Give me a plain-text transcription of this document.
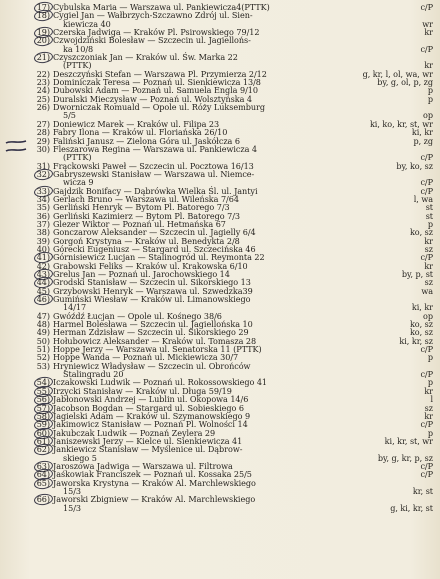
17) Cybulska Maria — Warszawa ul. Pankiewicza4(PTTK)	c/P
18) Cygiel Jan — Wałbrzych-Szczawno Zdrój ul. Sien-
kiewicza 40	wr
19) Czerska Jadwiga — Kraków Pl. Psirowskiego 79/12	kr
20) Czwojdziński Bolesław — Szczecin ul. Jagiellońs-
ka 10/8	c/P
21) Czyszczoniak Jan — Kraków ul. Św. Marka 22
(PTTK)	kr
22) Deszczyński Stefan — Warszawa Pl. Przymierza 2/12	g, kr, l, ol, wa, wr
23) Dominiczak Teresa — Poznań ul. Sienkiewicza 13/8	by, g, ol, p, zg
24) Dubowski Adam — Poznań ul. Samuela Engla 9/10	p
25) Duralski Mieczysław — Poznań ul. Wolsztyńska 4	p
26) Dworniczak Romuald — Opole ul. Róży Luksemburg
5/5	op
27) Doniewicz Marek — Kraków ul. Filipa 23	ki, ko, kr, st, wr
28) Fabry Ilona — Kraków ul. Floriańska 26/10	ki, kr
29) Faliński Janusz — Zielona Góra ul. Jaskółcza 6	p, zg
30) Fleszarowa Regina — Warszawa ul. Pankiewicza 4
(PTTK)	c/P
31) Frąckowski Paweł — Szczecin ul. Pocztowa 16/13	by, ko, sz
32) Gabryszewski Stanisław — Warszawa ul. Niemce-
wicza 9	c/P
33) Gajdzik Bonifacy — Dąbrówka Wielka Śl. ul. Jantyi	c/P
34) Gerlach Bruno — Warszawa ul. Wileńska 7/64	l, wa
35) Gerliński Henryk — Bytom Pl. Batorego 7/3	st
36) Gerliński Kazimierz — Bytom Pl. Batorego 7/3	st
37) Glezer Wiktor — Poznań ul. Hetmańska 67	p
38) Gonczarow Aleksander — Szczecin ul. Jagielly 6/4	ko, sz
39) Gorgoń Krystyna — Kraków ul. Benedykta 2/8	kr
40) Górecki Eugeniusz — Stargard ul. Szczecińska 46	sz
41) Górnisiewicz Lucjan — Stalinogród ul. Reymonta 22	c/P
42) Grabowski Feliks — Kraków ul. Krakowska 6/10	kr
43) Grelus Jan — Poznań ul. Jarochowskiego 14	by, p, st
44) Grodski Stanisław — Szczecin ul. Sikorskiego 13	sz
45) Grzybowski Henryk — Warszawa ul. Szwedzka39	wa
46) Gumiński Wiesław — Kraków ul. Limanowskiego
14/17	ki, kr
47) Gwóźdź Łucjan — Opole ul. Kośnego 38/6	op
48) Harmel Bolesława — Szczecin ul. Jagiellońska 10	ko, sz
49) Herman Zdzisław — Szczecin ul. Sikorskiego 29	ko, sz
50) Hołubowicz Aleksander — Kraków ul. Tomasza 28	ki, kr, sz
51) Hoppe Jerzy — Warszawa ul. Senatorska 11 (PTTK)	c/P
52) Hoppe Wanda — Poznań ul. Mickiewicza 30/7	p
53) Hryniewicz Władysław — Szczecin ul. Obrońców
Stalingradu 20	c/P
54) Iczakowski Ludwik — Poznań ul. Rokossowskiego 41	p
55) Irzycki Stanisław — Kraków ul. Długa 59/19	kr
56) Jabłonowski Andrzej — Lublin ul. Okopowa 14/6	l
57) Jacobson Bogdan — Stargard ul. Sobieskiego 6	sz
58) Jagielski Adam — Kraków ul. Szymanowskiego 9	kr
59) Jakimowicz Stanisław — Poznań Pl. Wolności 14	c/P
60) Jakubczak Ludwik — Poznań Zeylera 29	p
61) Janiszewski Jerzy — Kielce ul. Sienkiewicza 41	ki, kr, st, wr
62) Jankiewicz Stanisław — Myślenice ul. Dąbrow-
skiego 5	by, g, kr, p, sz
63) Jaroszowa Jadwiga — Warszawa ul. Filtrowa	c/P
64) Jaśkowiak Franciszek — Poznań ul. Kossaka 25/5	c/P
65) Jaworska Krystyna — Kraków Al. Marchlewskiego
15/3	kr, st
66) Jaworski Zbigniew — Kraków Al. Marchlewskiego
15/3	g, ki, kr, st
